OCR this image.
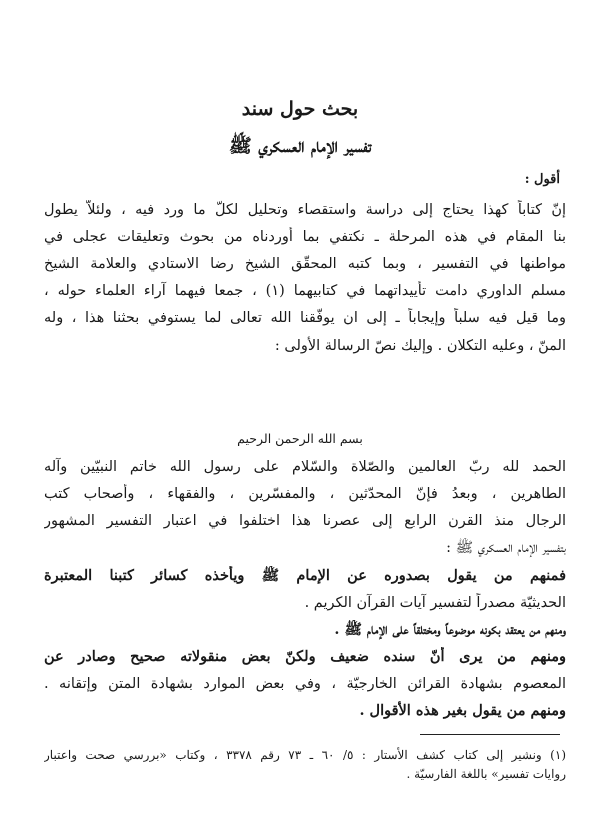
بحث حول سند
تفسير الإمام العسكري ﷺ
أقول :
إنّ كتاباً كهذا يحتاج إلى دراسة واستقصاء وتحليل لكلّ ما ورد فيه ، ولئلاّ يطول
بنا المقام في هذه المرحلة ـ نكتفي بما أوردناه من بحوث وتعليقات عجلى في
مواطنها في التفسير ، وبما كتبه المحقّق الشيخ رضا الاستادي والعلامة الشيخ
مسلم الداوري دامت تأييداتهما في كتابيهما (١) ، جمعا فيهما آراء العلماء حوله ،
وما قيل فيه سلباً وإيجاباً ـ إلى ان يوفّقنا الله تعالى لما يستوفي بحثنا هذا ، وله
المنّ ، وعليه التكلان . وإليك نصّ الرسالة الأولى :
بسم الله الرحمن الرحيم
الحمد لله ربّ العالمين والصّلاة والسّلام على رسول الله خاتم النبيّين وآله
الطاهرين ، وبعدُ فإنّ المحدّثين ، والمفسّرين ، والفقهاء ، وأصحاب كتب
الرجال منذ القرن الرابع إلى عصرنا هذا اختلفوا في اعتبار التفسير المشهور
بتفسير الإمام العسكري ﷺ :
فمنهم من يقول بصدوره عن الإمام ﷺ ويأخذه كسائر كتبنا المعتبرة
الحديثيّة مصدراً لتفسير آيات القرآن الكريم .
ومنهم من يعتقد بكونه موضوعاً ومختلقاً على الإمام ﷺ .
ومنهم من يرى أنّ سنده ضعيف ولكنّ بعض منقولاته صحيح وصادر عن
المعصوم بشهادة القرائن الخارجيّة ، وفي بعض الموارد بشهادة المتن وإتقانه .
ومنهم من يقول بغير هذه الأقوال .
(١) ونشير إلى كتاب كشف الأستار : ٥/ ٦٠ ـ ٧٣ رقم ٣٣٧٨ ، وكتاب «بررسي صحت واعتبار
روايات تفسير» باللغة الفارسيّة .
